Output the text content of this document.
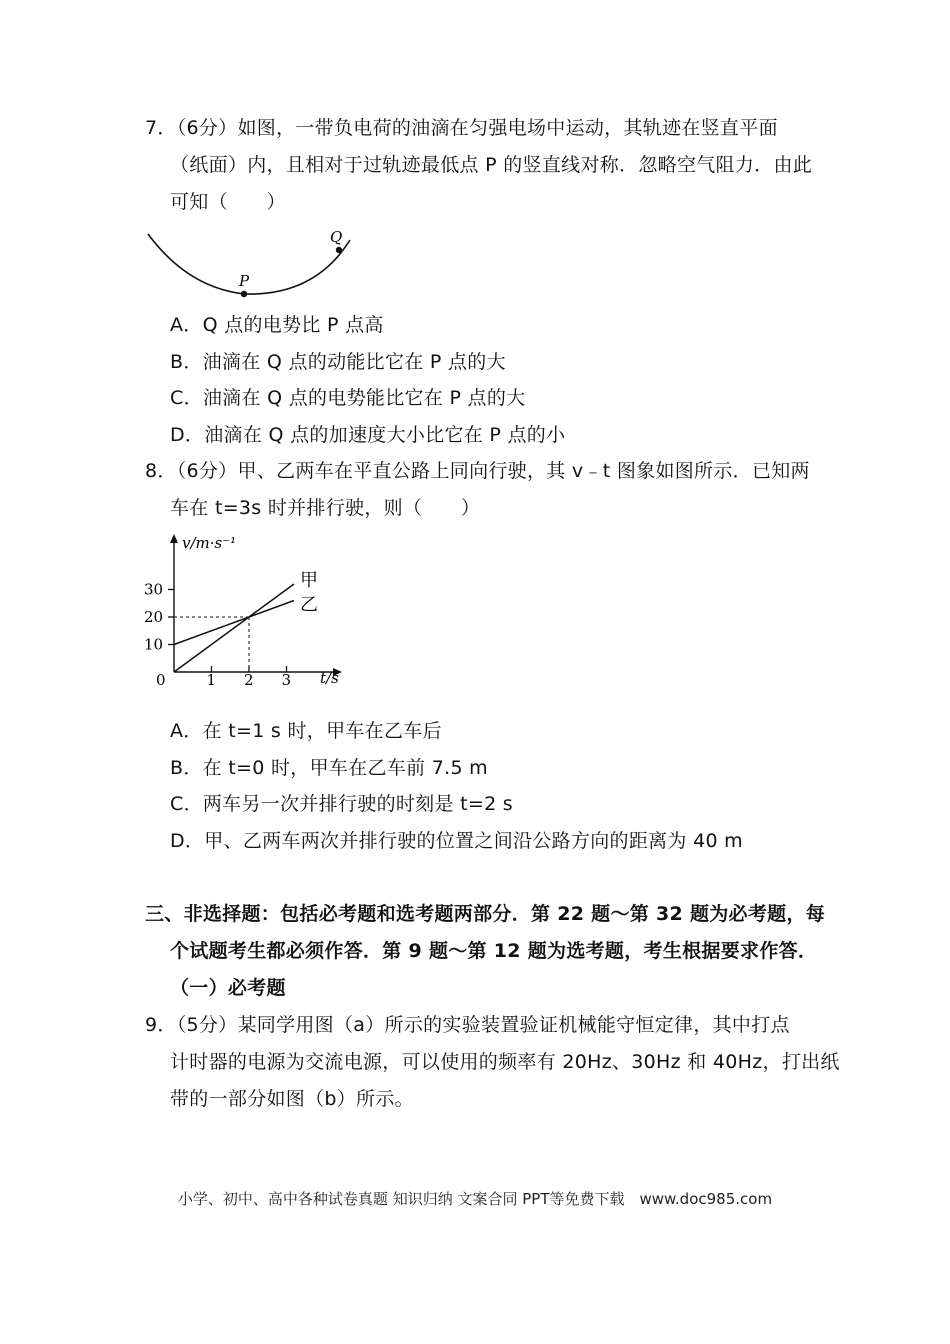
7．（6分）如图，一带负电荷的油滴在匀强电场中运动，其轨迹在竖直平面
（纸面）内，且相对于过轨迹最低点 P 的竖直线对称．忽略空气阻力．由此
可知（　　）
P
Q
A．Q 点的电势比 P 点高
B．油滴在 Q 点的动能比它在 P 点的大
C．油滴在 Q 点的电势能比它在 P 点的大
D．油滴在 Q 点的加速度大小比它在 P 点的小
8．（6分）甲、乙两车在平直公路上同向行驶，其 v﹣t 图象如图所示．已知两
车在 t=3s 时并排行驶，则（　　）
v/m·s⁻¹
t/s
0
10
20
30
1 2 3
甲
乙
A．在 t=1 s 时，甲车在乙车后
B．在 t=0 时，甲车在乙车前 7.5 m
C．两车另一次并排行驶的时刻是 t=2 s
D．甲、乙两车两次并排行驶的位置之间沿公路方向的距离为 40 m
三、非选择题：包括必考题和选考题两部分．第 22 题～第 32 题为必考题，每
个试题考生都必须作答．第 9 题～第 12 题为选考题，考生根据要求作答．
（一）必考题
9．（5分）某同学用图（a）所示的实验装置验证机械能守恒定律，其中打点
计时器的电源为交流电源，可以使用的频率有 20Hz、30Hz 和 40Hz，打出纸
带的一部分如图（b）所示。
小学、初中、高中各种试卷真题 知识归纳 文案合同 PPT等免费下载　www.doc985.com
